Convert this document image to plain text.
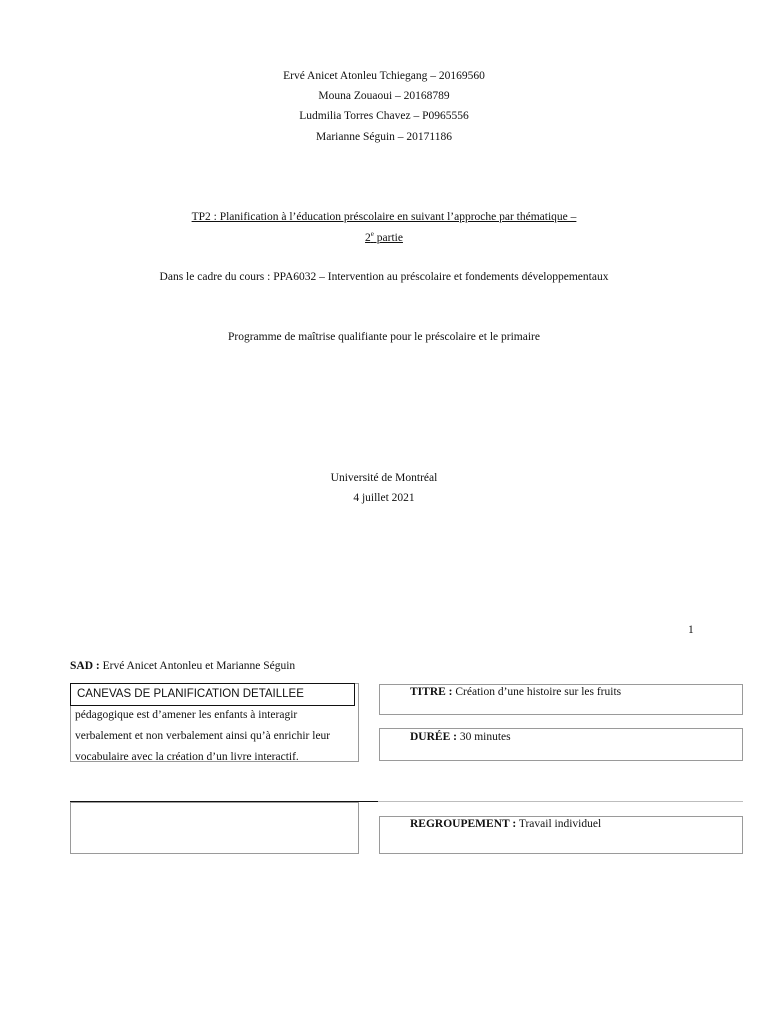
Ervé Anicet Atonleu Tchiegang – 20169560
Mouna Zouaoui – 20168789
Ludmilia Torres Chavez – P0965556
Marianne Séguin – 20171186
TP2 : Planification à l’éducation préscolaire en suivant l’approche par thématique –
2e partie
Dans le cadre du cours : PPA6032 – Intervention au préscolaire et fondements développementaux
Programme de maîtrise qualifiante pour le préscolaire et le primaire
Université de Montréal
4 juillet 2021
1
SAD : Ervé Anicet Antonleu et Marianne Séguin
CANEVAS DE PLANIFICATION DETAILLEE
pédagogique est d’amener les enfants à interagir
verbalement et non verbalement ainsi qu’à enrichir leur
vocabulaire avec la création d’un livre interactif.
TITRE : Création d’une histoire sur les fruits
DURÉE : 30 minutes
REGROUPEMENT : Travail individuel
